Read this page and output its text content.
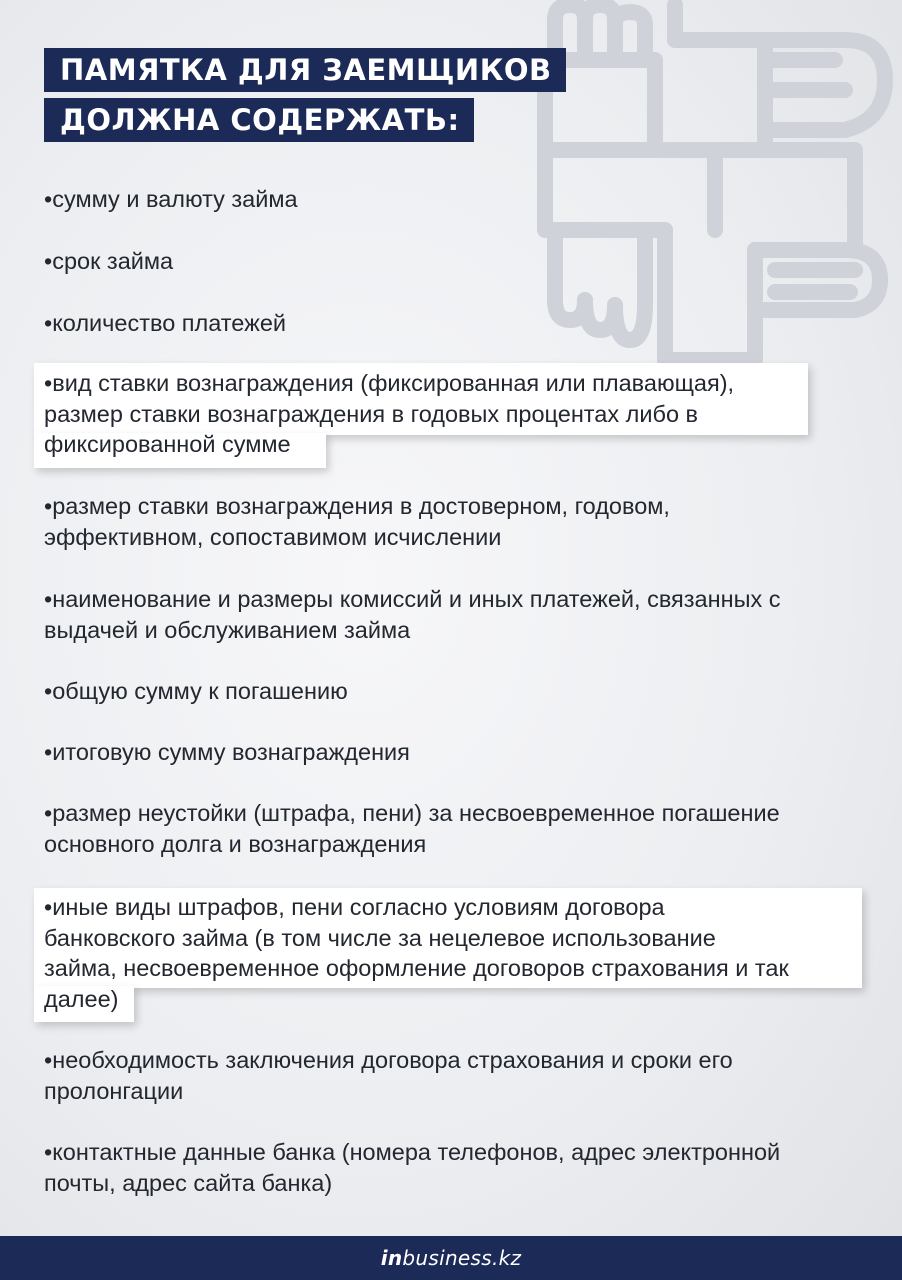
ПАМЯТКА ДЛЯ ЗАЕМЩИКОВ
ДОЛЖНА СОДЕРЖАТЬ:
•сумму и валюту займа
•срок займа
•количество платежей
•вид ставки вознаграждения (фиксированная или плавающая),
размер ставки вознаграждения в годовых процентах либо в
фиксированной сумме
•размер ставки вознаграждения в достоверном, годовом,
эффективном, сопоставимом исчислении
•наименование и размеры комиссий и иных платежей, связанных с
выдачей и обслуживанием займа
•общую сумму к погашению
•итоговую сумму вознаграждения
•размер неустойки (штрафа, пени) за несвоевременное погашение
основного долга и вознаграждения
•иные виды штрафов, пени согласно условиям договора
банковского займа (в том числе за нецелевое использование
займа, несвоевременное оформление договоров страхования и так
далее)
•необходимость заключения договора страхования и сроки его
пролонгации
•контактные данные банка (номера телефонов, адрес электронной
почты, адрес сайта банка)
inbusiness.kz
